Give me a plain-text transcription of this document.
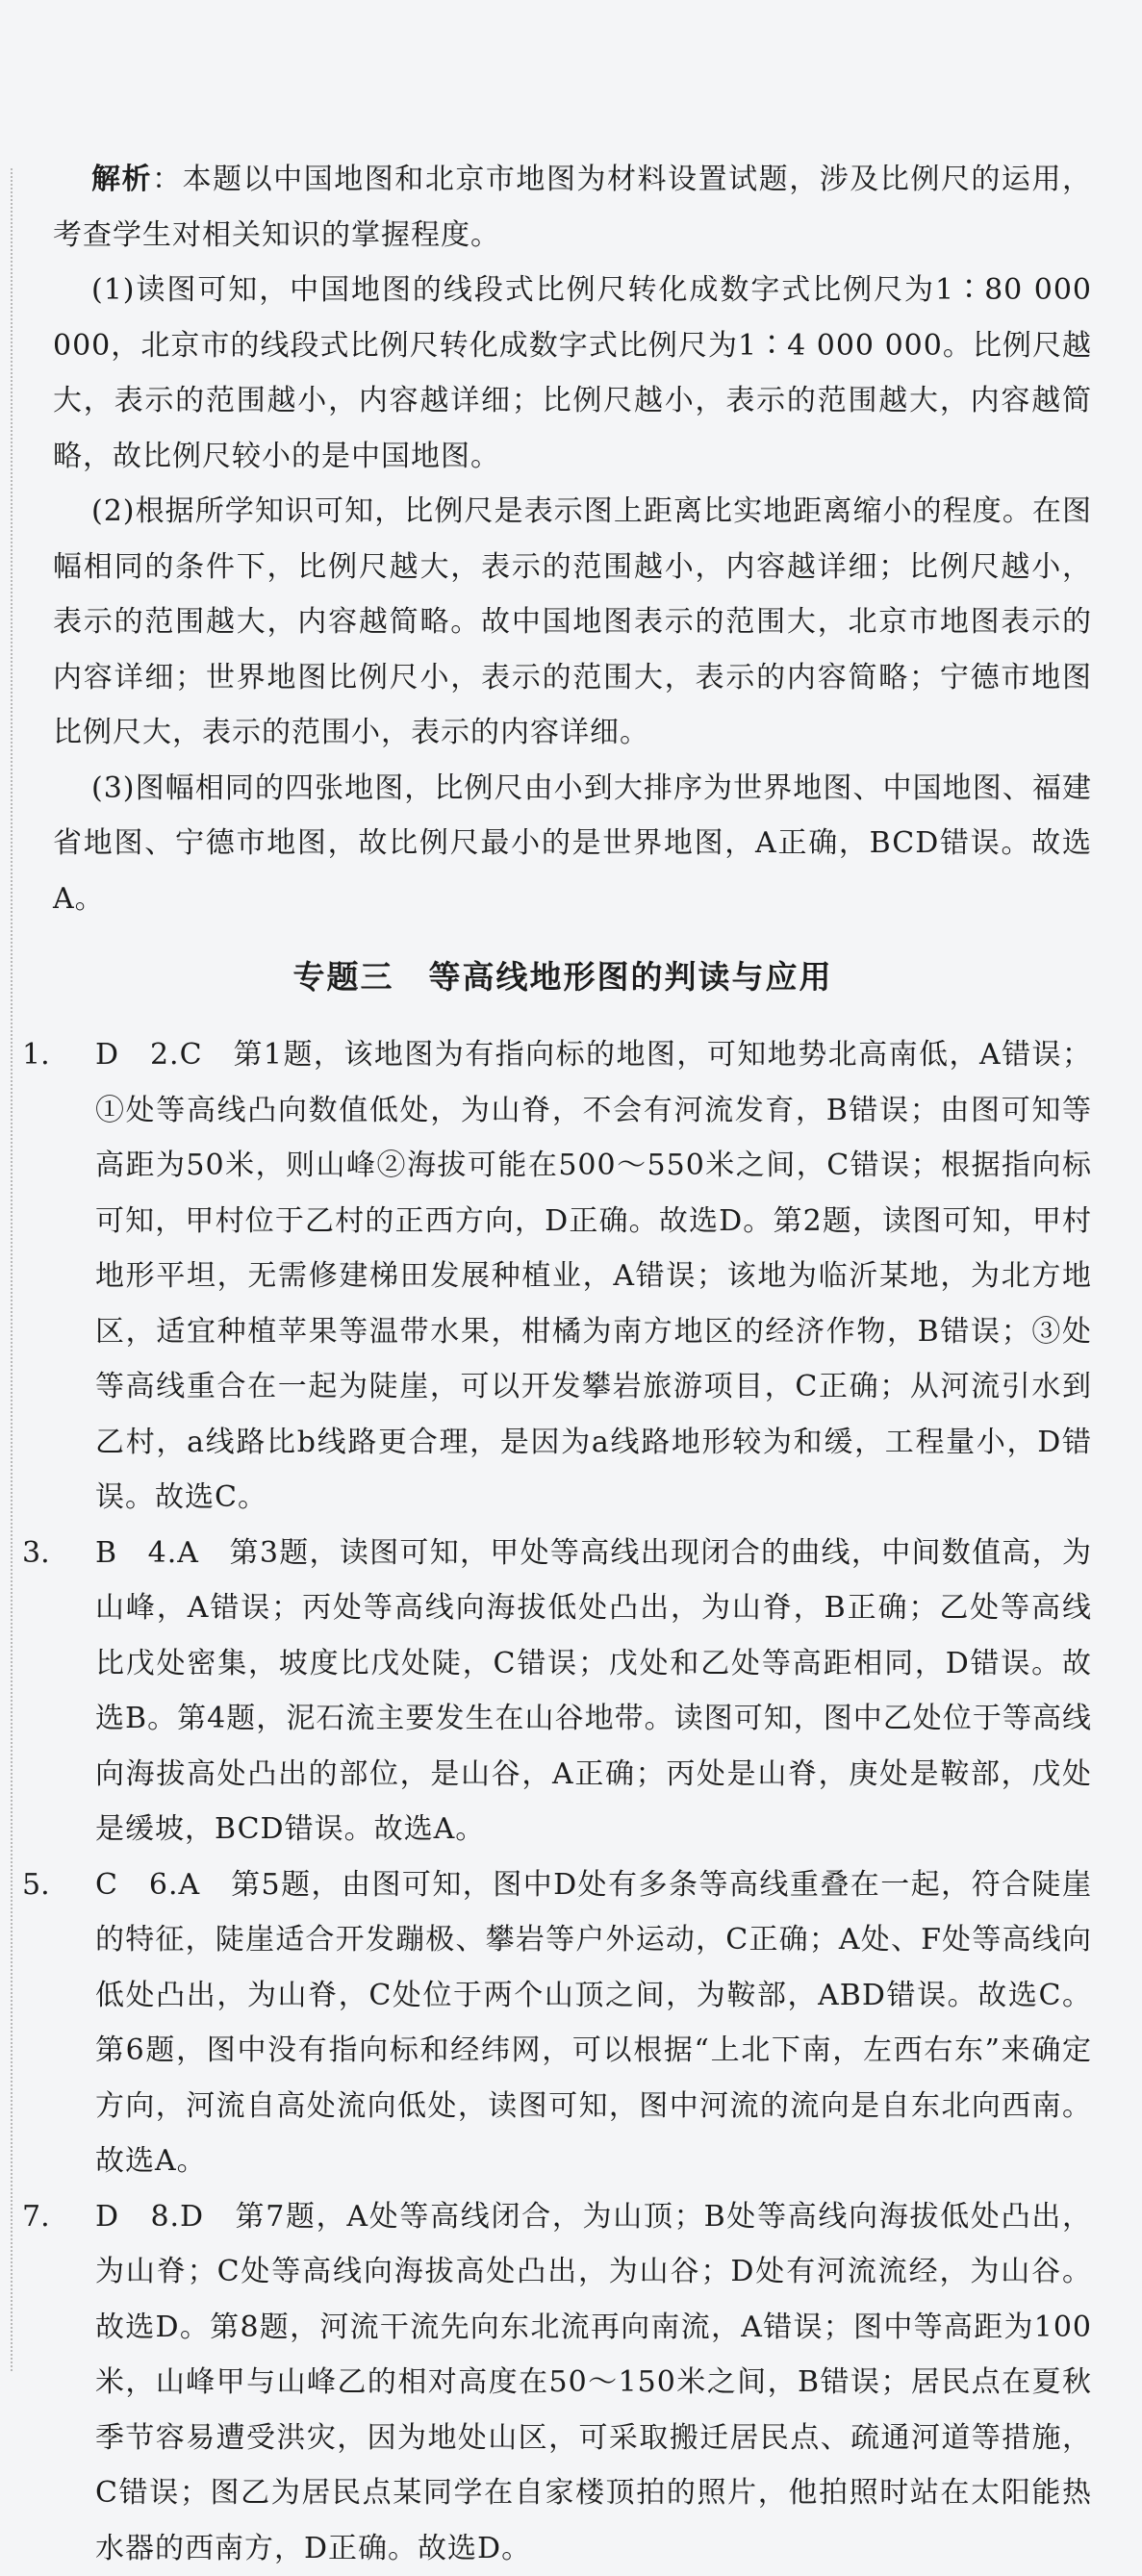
解析：本题以中国地图和北京市地图为材料设置试题，涉及比例尺的运用，考查学生对相关知识的掌握程度。

(1)读图可知，中国地图的线段式比例尺转化成数字式比例尺为1∶80 000 000，北京市的线段式比例尺转化成数字式比例尺为1∶4 000 000。比例尺越大，表示的范围越小，内容越详细；比例尺越小，表示的范围越大，内容越简略，故比例尺较小的是中国地图。

(2)根据所学知识可知，比例尺是表示图上距离比实地距离缩小的程度。在图幅相同的条件下，比例尺越大，表示的范围越小，内容越详细；比例尺越小，表示的范围越大，内容越简略。故中国地图表示的范围大，北京市地图表示的内容详细；世界地图比例尺小，表示的范围大，表示的内容简略；宁德市地图比例尺大，表示的范围小，表示的内容详细。

(3)图幅相同的四张地图，比例尺由小到大排序为世界地图、中国地图、福建省地图、宁德市地图，故比例尺最小的是世界地图，A正确，BCD错误。故选A。

专题三 等高线地形图的判读与应用
1. D　2.C　第1题，该地图为有指向标的地图，可知地势北高南低，A错误；①处等高线凸向数值低处，为山脊，不会有河流发育，B错误；由图可知等高距为50米，则山峰②海拔可能在500～550米之间，C错误；根据指向标可知，甲村位于乙村的正西方向，D正确。故选D。第2题，读图可知，甲村地形平坦，无需修建梯田发展种植业，A错误；该地为临沂某地，为北方地区，适宜种植苹果等温带水果，柑橘为南方地区的经济作物，B错误；③处等高线重合在一起为陡崖，可以开发攀岩旅游项目，C正确；从河流引水到乙村，a线路比b线路更合理，是因为a线路地形较为和缓，工程量小，D错误。故选C。

3. B　4.A　第3题，读图可知，甲处等高线出现闭合的曲线，中间数值高，为山峰，A错误；丙处等高线向海拔低处凸出，为山脊，B正确；乙处等高线比戊处密集，坡度比戊处陡，C错误；戊处和乙处等高距相同，D错误。故选B。第4题，泥石流主要发生在山谷地带。读图可知，图中乙处位于等高线向海拔高处凸出的部位，是山谷，A正确；丙处是山脊，庚处是鞍部，戊处是缓坡，BCD错误。故选A。

5. C　6.A　第5题，由图可知，图中D处有多条等高线重叠在一起，符合陡崖的特征，陡崖适合开发蹦极、攀岩等户外运动，C正确；A处、F处等高线向低处凸出，为山脊，C处位于两个山顶之间，为鞍部，ABD错误。故选C。第6题，图中没有指向标和经纬网，可以根据“上北下南，左西右东”来确定方向，河流自高处流向低处，读图可知，图中河流的流向是自东北向西南。故选A。

7. D　8.D　第7题，A处等高线闭合，为山顶；B处等高线向海拔低处凸出，为山脊；C处等高线向海拔高处凸出，为山谷；D处有河流流经，为山谷。故选D。第8题，河流干流先向东北流再向南流，A错误；图中等高距为100米，山峰甲与山峰乙的相对高度在50～150米之间，B错误；居民点在夏秋季节容易遭受洪灾，因为地处山区，可采取搬迁居民点、疏通河道等措施，C错误；图乙为居民点某同学在自家楼顶拍的照片，他拍照时站在太阳能热水器的西南方，D正确。故选D。
